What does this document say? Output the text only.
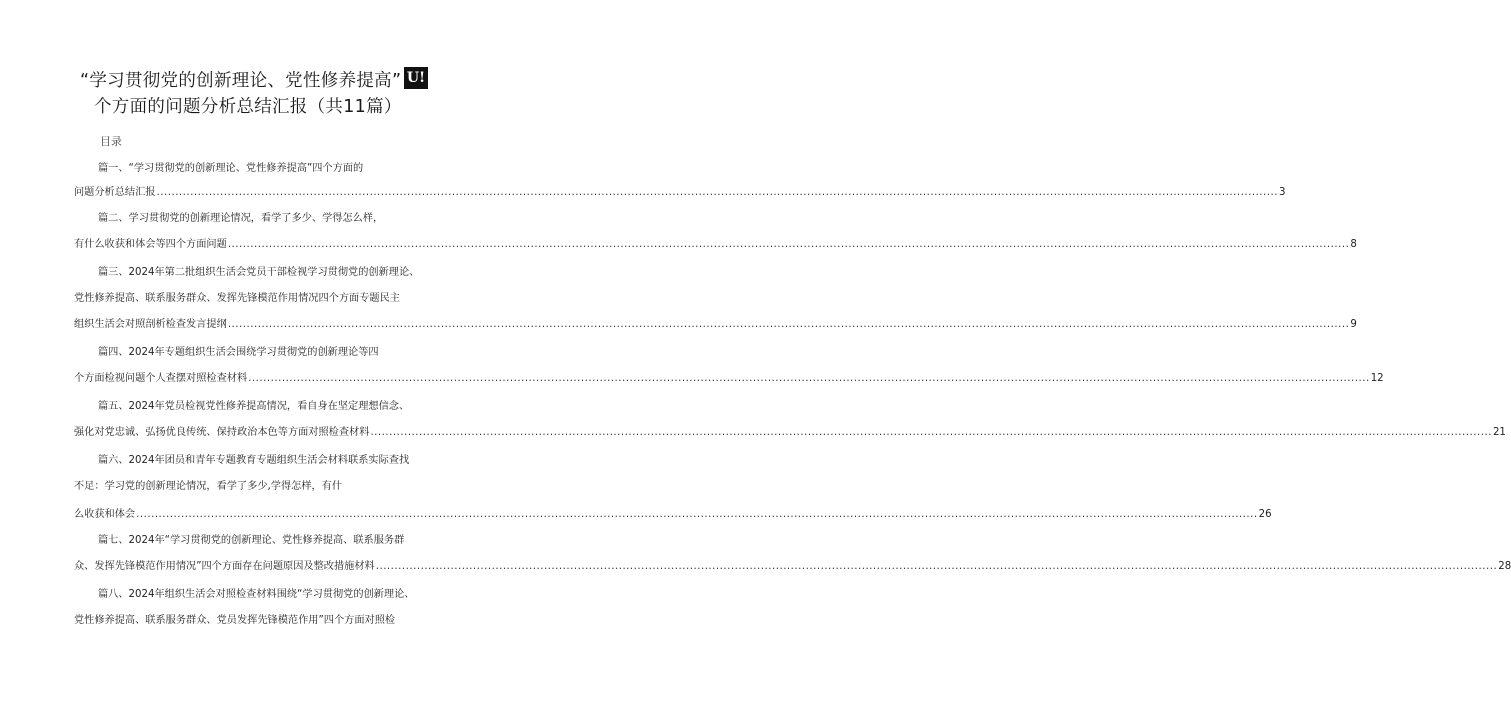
“学习贯彻党的创新理论、党性修养提高”
个方面的问题分析总结汇报（共11篇）
U!
目录
篇一、“学习贯彻党的创新理论、党性修养提高”四个方面的
问题分析总结汇报 ............................................................................................................................................................................................................................................................................................................ 3
篇二、学习贯彻党的创新理论情况，看学了多少、学得怎么样，
有什么收获和体会等四个方面问题 ............................................................................................................................................................................................................................................................................................................ 8
篇三、2024年第二批组织生活会党员干部检视学习贯彻党的创新理论、
党性修养提高、联系服务群众、发挥先锋模范作用情况四个方面专题民主
组织生活会对照剖析检查发言提纲 ............................................................................................................................................................................................................................................................................................................ 9
篇四、2024年专题组织生活会围绕学习贯彻党的创新理论等四
个方面检视问题个人查摆对照检查材料 ............................................................................................................................................................................................................................................................................................................ 12
篇五、2024年党员检视党性修养提高情况，看自身在坚定理想信念、
强化对党忠诚、弘扬优良传统、保持政治本色等方面对照检查材料 ............................................................................................................................................................................................................................................................................................................ 21
篇六、2024年团员和青年专题教育专题组织生活会材料联系实际查找
不足：学习党的创新理论情况，看学了多少,学得怎样，有什
么收获和体会 ............................................................................................................................................................................................................................................................................................................ 26
篇七、2024年“学习贯彻党的创新理论、党性修养提高、联系服务群
众、发挥先锋模范作用情况”四个方面存在问题原因及整改措施材料 ............................................................................................................................................................................................................................................................................................................ 28
篇八、2024年组织生活会对照检查材料围绕“学习贯彻党的创新理论、
党性修养提高、联系服务群众、党员发挥先锋模范作用”四个方面对照检
